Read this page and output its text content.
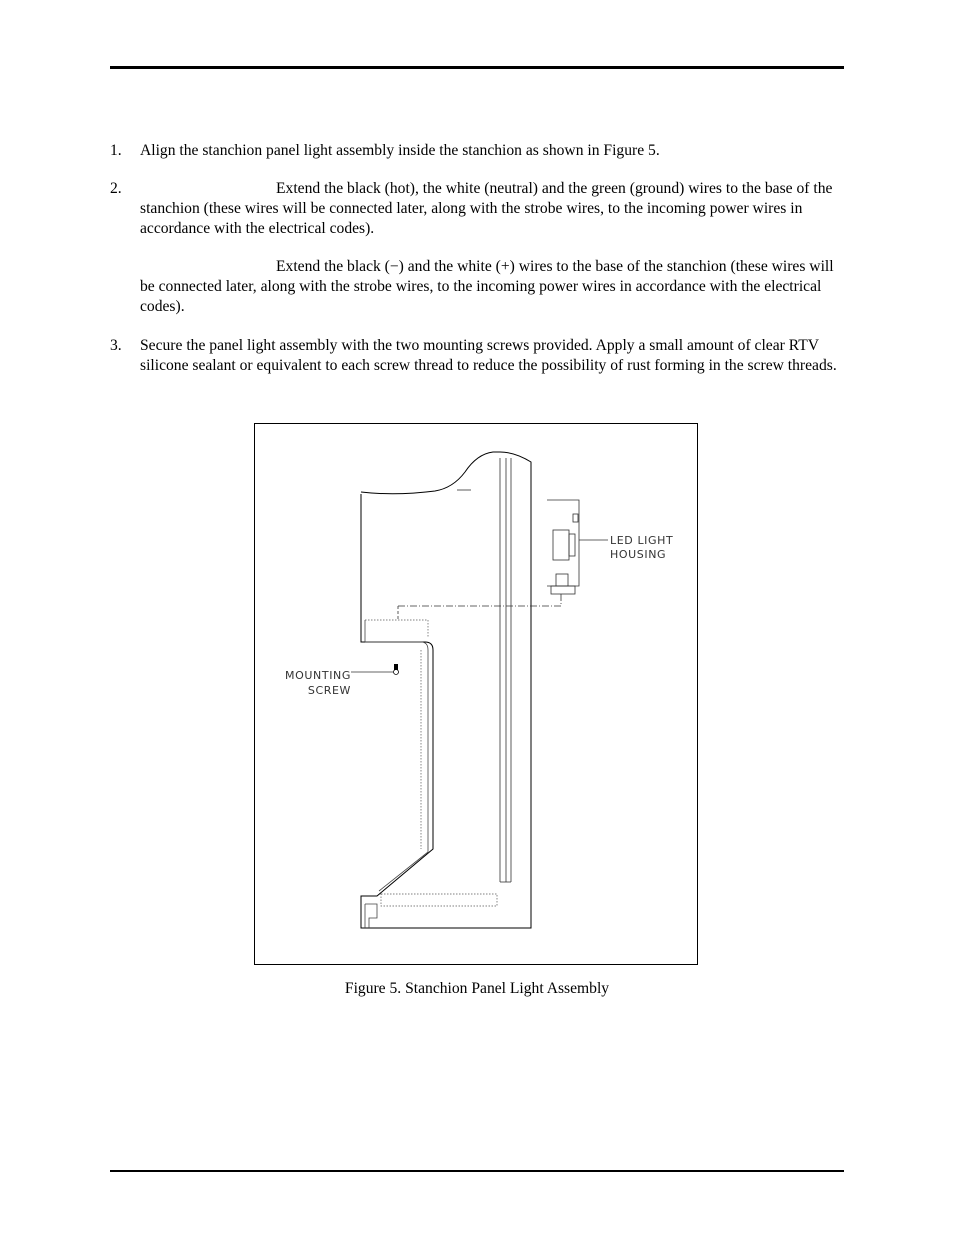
1. Align the stanchion panel light assembly inside the stanchion as shown in Figure 5.
2.	Extend the black (hot), the white (neutral) and the green (ground) wires to the base of the stanchion (these wires will be connected later, along with the strobe wires, to the incoming power wires in accordance with the electrical codes).
Extend the black (−) and the white (+) wires to the base of the stanchion (these wires will be connected later, along with the strobe wires, to the incoming power wires in accordance with the electrical codes).
3. Secure the panel light assembly with the two mounting screws provided. Apply a small amount of clear RTV silicone sealant or equivalent to each screw thread to reduce the possibility of rust forming in the screw threads.
LED LIGHT
HOUSING
MOUNTING
SCREW
Figure 5. Stanchion Panel Light Assembly
